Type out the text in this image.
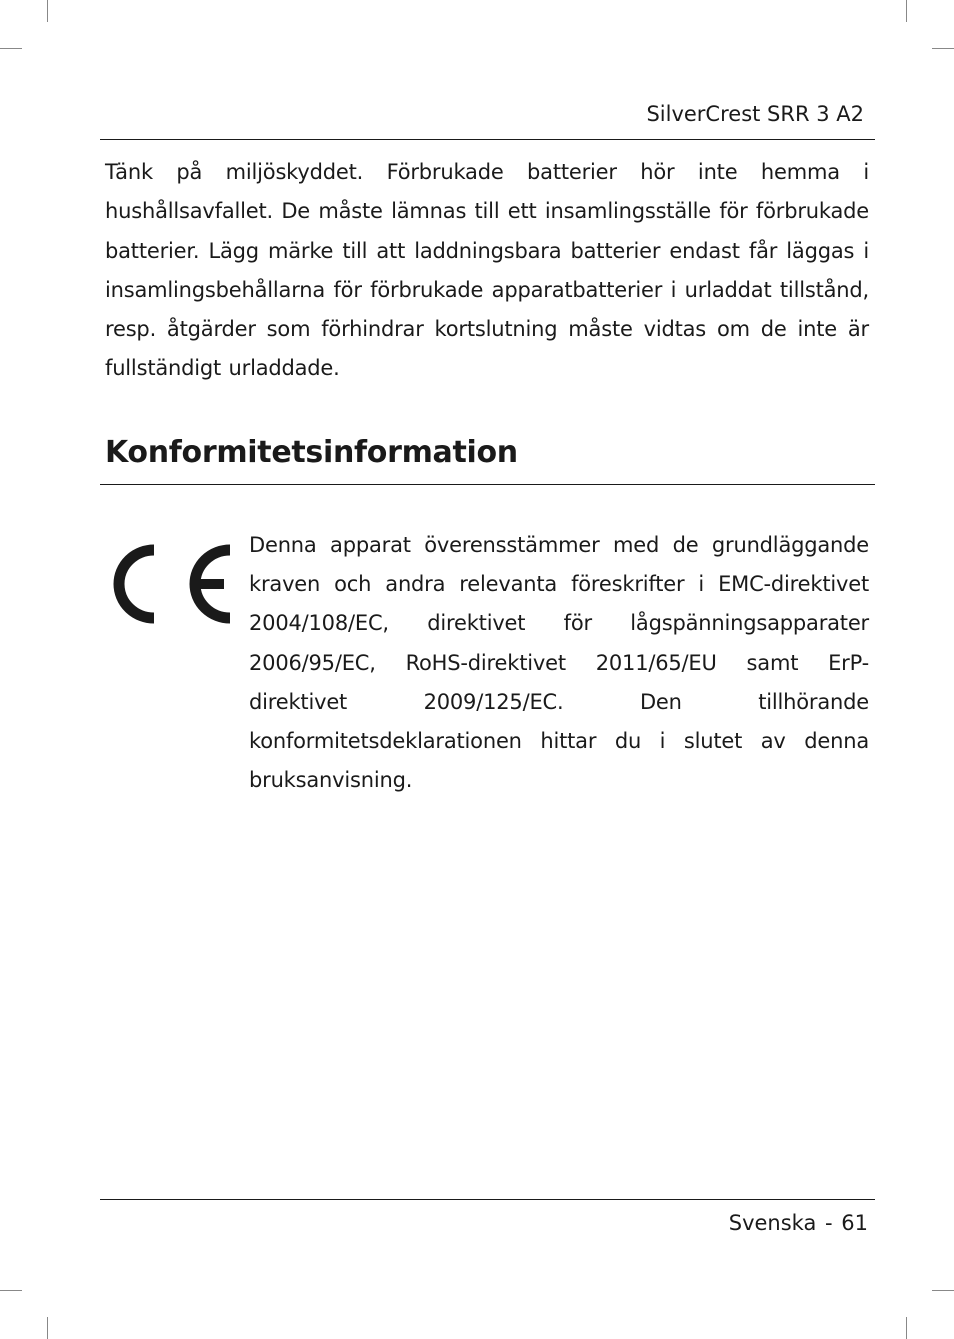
SilverCrest SRR 3 A2

Tänk på miljöskyddet. Förbrukade batterier hör inte hemma i hushållsavfallet. De måste lämnas till ett insamlingsställe för förbrukade batterier. Lägg märke till att laddningsbara batterier endast får läggas i insamlingsbehållarna för förbrukade apparatbatterier i urladdat tillstånd, resp. åtgärder som förhindrar kortslutning måste vidtas om de inte är fullständigt urladdade.

Konformitetsinformation

Denna apparat överensstämmer med de grundläggande kraven och andra relevanta föreskrifter i EMC-direktivet 2004/108/EC, direktivet för lågspänningsapparater 2006/95/EC, RoHS-direktivet 2011/65/EU samt ErP-direktivet 2009/125/EC. Den tillhörande konformitetsdeklarationen hittar du i slutet av denna bruksanvisning.

Svenska - 61
